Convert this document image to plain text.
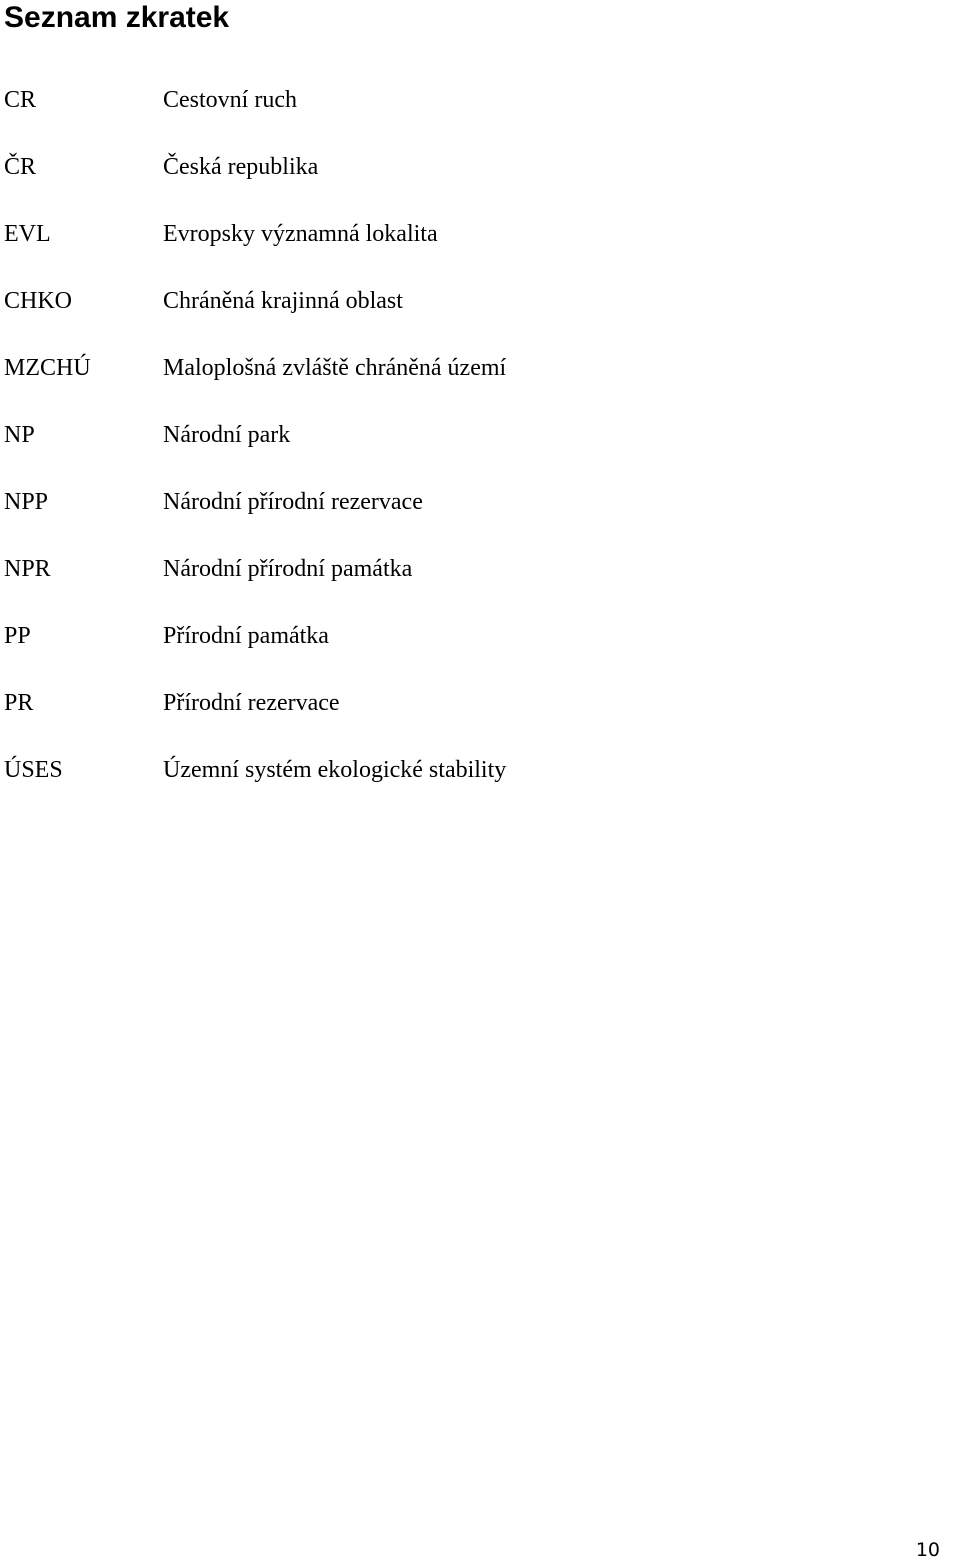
Seznam zkratek
CR	Cestovní ruch
ČR	Česká republika
EVL	Evropsky významná lokalita
CHKO	Chráněná krajinná oblast
MZCHÚ	Maloplošná zvláště chráněná území
NP	Národní park
NPP	Národní přírodní rezervace
NPR	Národní přírodní památka
PP	Přírodní památka
PR	Přírodní rezervace
ÚSES	Územní systém ekologické stability
10
